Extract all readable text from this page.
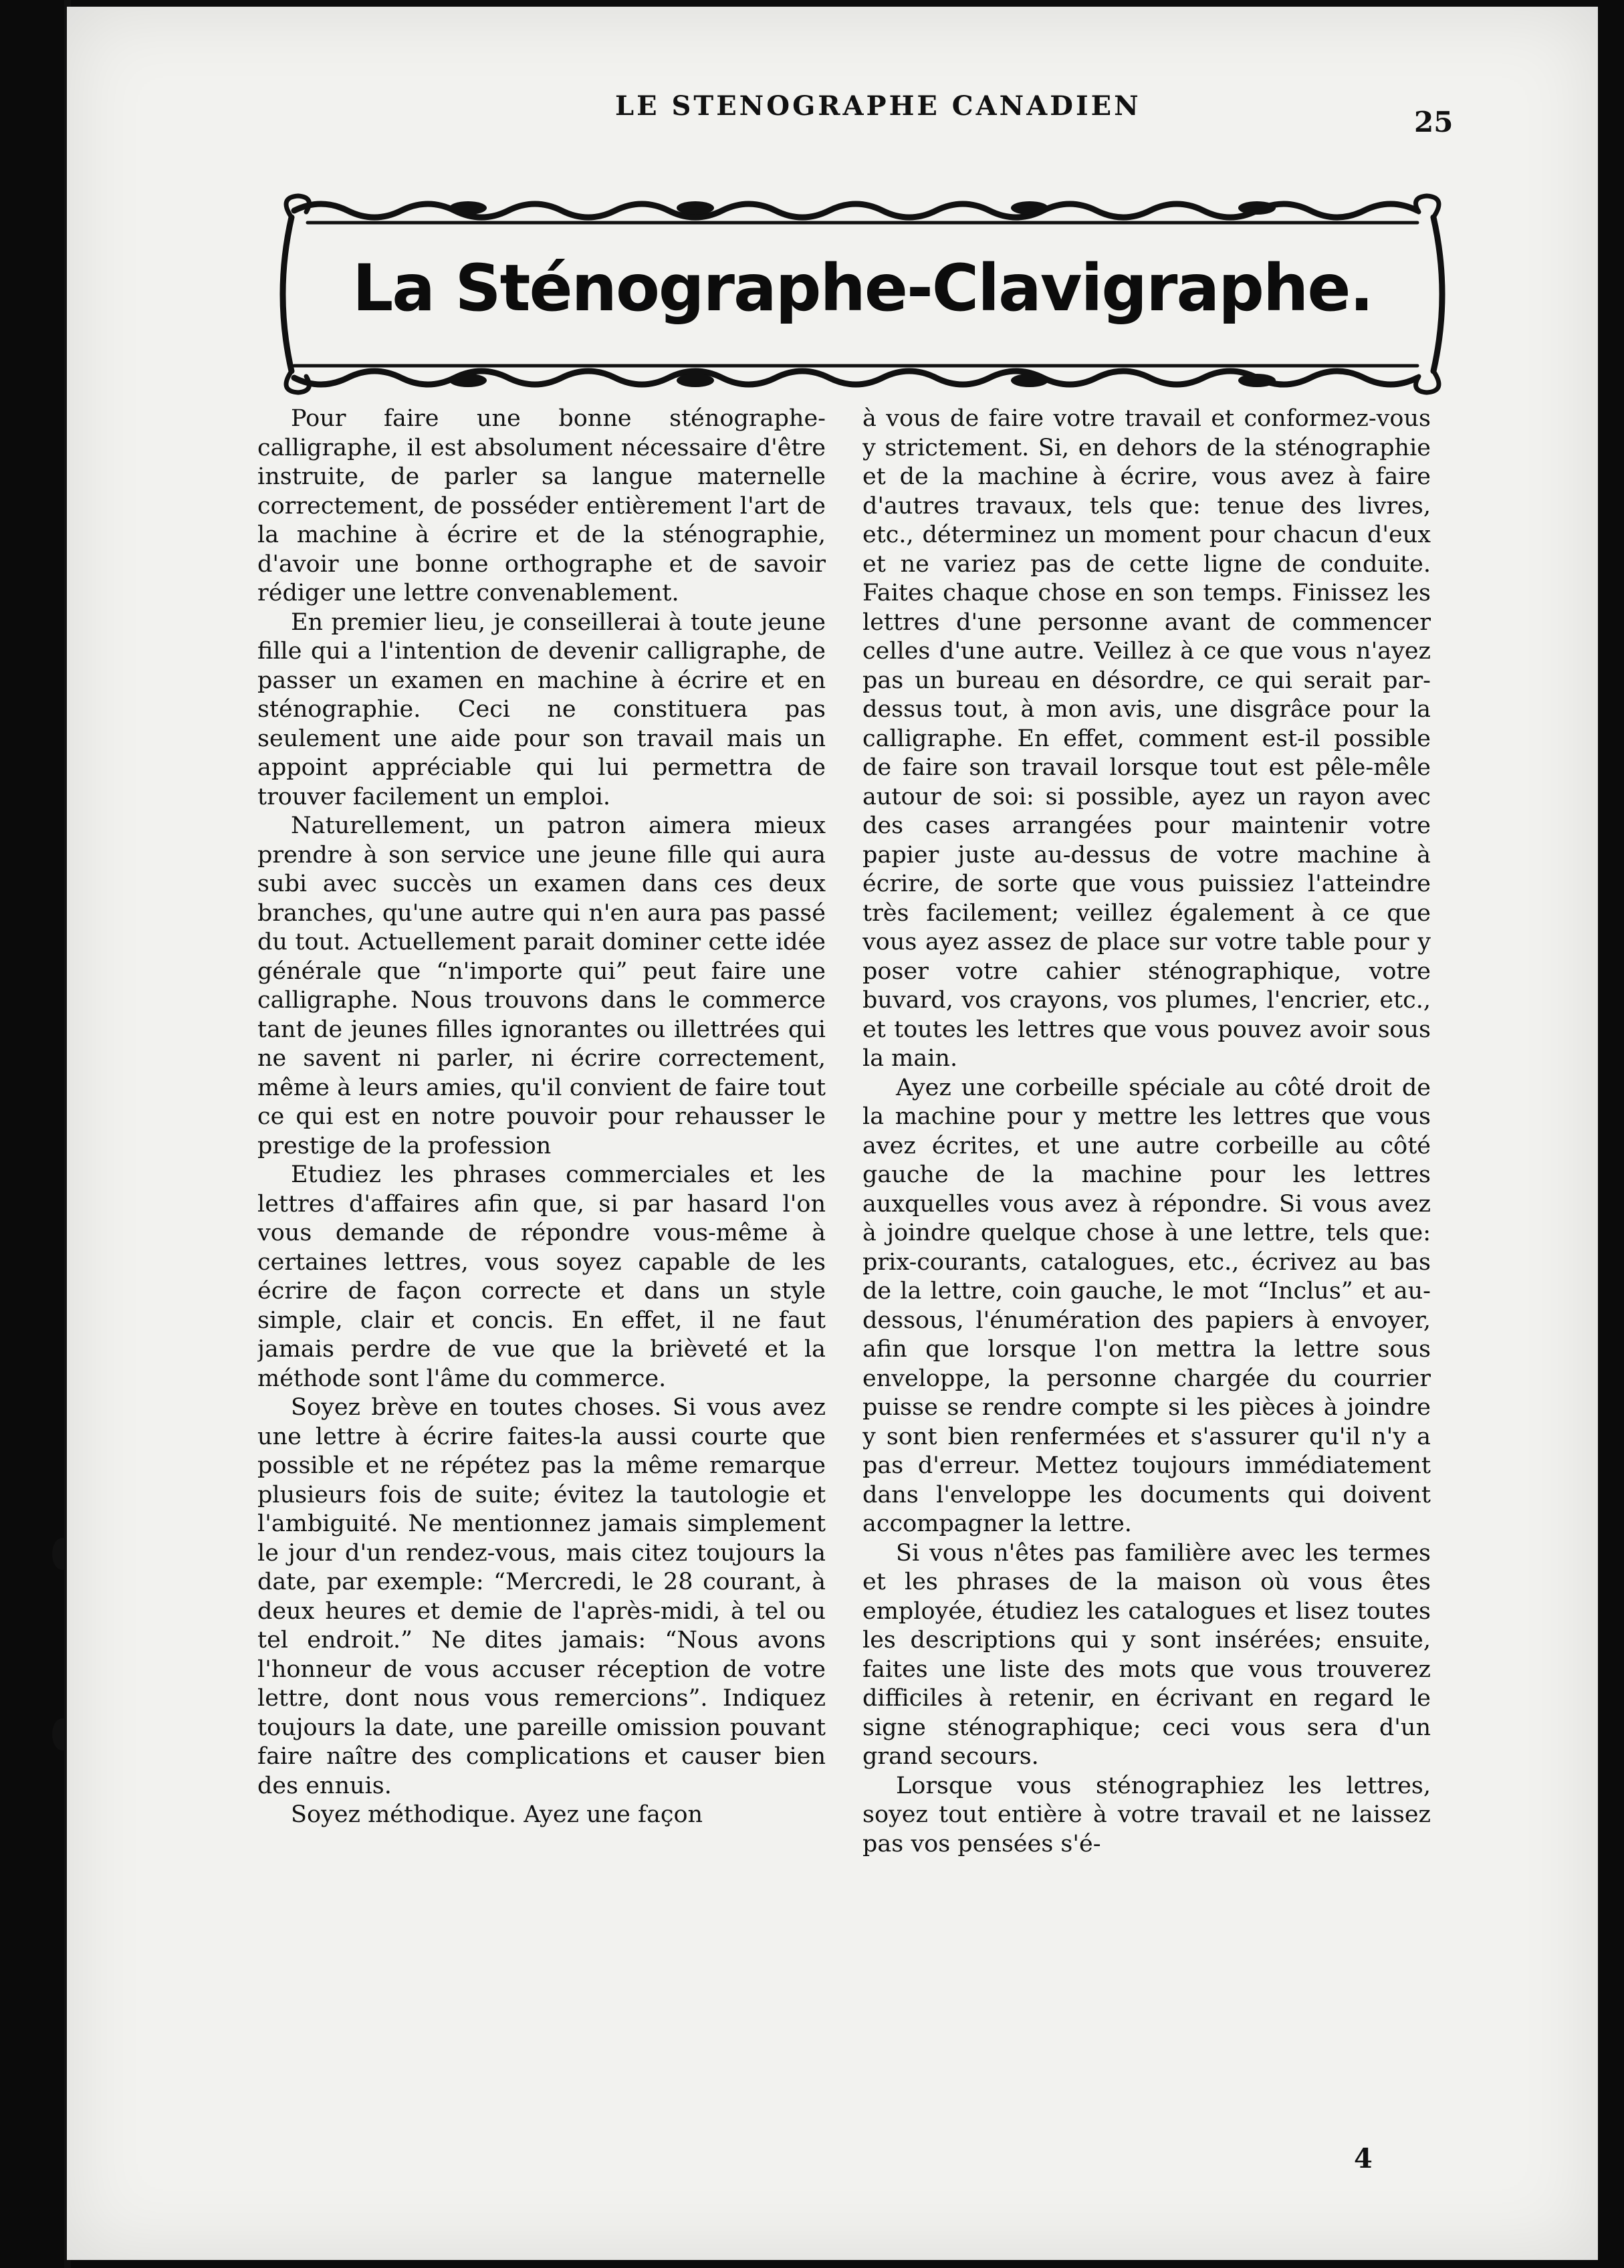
LE STENOGRAPHE CANADIEN	25
La Sténographe-Clavigraphe.

Pour faire une bonne sténographe-calligraphe, il est absolument nécessaire d'être instruite, de parler sa langue maternelle correctement, de posséder entièrement l'art de la machine à écrire et de la sténographie, d'avoir une bonne orthographe et de savoir rédiger une lettre convenablement.

En premier lieu, je conseillerai à toute jeune fille qui a l'intention de devenir calligraphe, de passer un examen en machine à écrire et en sténographie. Ceci ne constituera pas seulement une aide pour son travail mais un appoint appréciable qui lui permettra de trouver facilement un emploi.

Naturellement, un patron aimera mieux prendre à son service une jeune fille qui aura subi avec succès un examen dans ces deux branches, qu'une autre qui n'en aura pas passé du tout. Actuellement parait dominer cette idée générale que “n'importe qui” peut faire une calligraphe. Nous trouvons dans le commerce tant de jeunes filles ignorantes ou illettrées qui ne savent ni parler, ni écrire correctement, même à leurs amies, qu'il convient de faire tout ce qui est en notre pouvoir pour rehausser le prestige de la profession

Etudiez les phrases commerciales et les lettres d'affaires afin que, si par hasard l'on vous demande de répondre vous-même à certaines lettres, vous soyez capable de les écrire de façon correcte et dans un style simple, clair et concis. En effet, il ne faut jamais perdre de vue que la brièveté et la méthode sont l'âme du commerce.

Soyez brève en toutes choses. Si vous avez une lettre à écrire faites-la aussi courte que possible et ne répétez pas la même remarque plusieurs fois de suite; évitez la tautologie et l'ambiguité. Ne mentionnez jamais simplement le jour d'un rendez-vous, mais citez toujours la date, par exemple: “Mercredi, le 28 courant, à deux heures et demie de l'après-midi, à tel ou tel endroit.” Ne dites jamais: “Nous avons l'honneur de vous accuser réception de votre lettre, dont nous vous remercions”. Indiquez toujours la date, une pareille omission pouvant faire naître des complications et causer bien des ennuis.

Soyez méthodique. Ayez une façon

à vous de faire votre travail et conformez-vous y strictement. Si, en dehors de la sténographie et de la machine à écrire, vous avez à faire d'autres travaux, tels que: tenue des livres, etc., déterminez un moment pour chacun d'eux et ne variez pas de cette ligne de conduite. Faites chaque chose en son temps. Finissez les lettres d'une personne avant de commencer celles d'une autre. Veillez à ce que vous n'ayez pas un bureau en désordre, ce qui serait par-dessus tout, à mon avis, une disgrâce pour la calligraphe. En effet, comment est-il possible de faire son travail lorsque tout est pêle-mêle autour de soi: si possible, ayez un rayon avec des cases arrangées pour maintenir votre papier juste au-dessus de votre machine à écrire, de sorte que vous puissiez l'atteindre très facilement; veillez également à ce que vous ayez assez de place sur votre table pour y poser votre cahier sténographique, votre buvard, vos crayons, vos plumes, l'encrier, etc., et toutes les lettres que vous pouvez avoir sous la main.

Ayez une corbeille spéciale au côté droit de la machine pour y mettre les lettres que vous avez écrites, et une autre corbeille au côté gauche de la machine pour les lettres auxquelles vous avez à répondre. Si vous avez à joindre quelque chose à une lettre, tels que: prix-courants, catalogues, etc., écrivez au bas de la lettre, coin gauche, le mot “Inclus” et au-dessous, l'énumération des papiers à envoyer, afin que lorsque l'on mettra la lettre sous enveloppe, la personne chargée du courrier puisse se rendre compte si les pièces à joindre y sont bien renfermées et s'assurer qu'il n'y a pas d'erreur. Mettez toujours immédiatement dans l'enveloppe les documents qui doivent accompagner la lettre.

Si vous n'êtes pas familière avec les termes et les phrases de la maison où vous êtes employée, étudiez les catalogues et lisez toutes les descriptions qui y sont insérées; ensuite, faites une liste des mots que vous trouverez difficiles à retenir, en écrivant en regard le signe sténographique; ceci vous sera d'un grand secours.

Lorsque vous sténographiez les lettres, soyez tout entière à votre travail et ne laissez pas vos pensées s'é-

4
